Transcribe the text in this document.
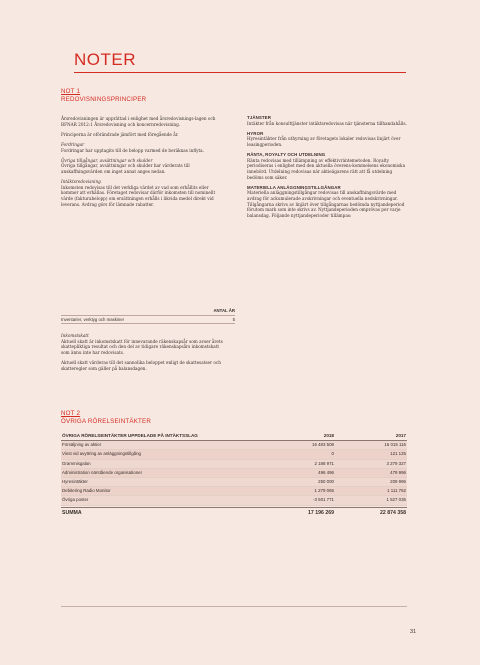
NOTER
NOT 1
REDOVISNINGSPRINCIPER

Årsredovisningen är upprättad i enlighet med årsredovisnings-lagen och BFNAR 2012:1 Årsredovisning och koncernredovisning.

Principerna är oförändrade jämfört med föregående år.

Fordringar

Fordringar har upptagits till de belopp varmed de beräknas inflyta.

Övriga tillgångar, avsättningar och skulder

Övriga tillgångar, avsättningar och skulder har värderats till anskaffningsvärden om inget annat anges nedan.

Intäktsredovisning

Inkomsten redovisas till det verkliga värdet av vad som erhållits eller kommer att erhållas. Företaget redovisar därför inkomsten till nominellt värde (fakturabelopp) om ersättningen erhålls i likvida medel direkt vid leverans. Avdrag görs för lämnade rabatter.

TJÄNSTER

Intäkter från konsulttjänster intäktsredovisas när tjänsterna tillhandahålls.

HYROR

Hyresintäkter från uthyrning av företagets lokaler redovisas linjärt över leasingperioden.

RÄNTA, ROYALTY OCH UTDELNING

Ränta redovisas med tillämpning av effektivräntemetoden. Royalty periodiseras i enlighet med den aktuella överens-kommelsens ekonomiska innebörd. Utdelning redovisas när aktieägarens rätt att få utdelning bedöms som säker.

MATERIELLA ANLÄGGNINGSTILLGÅNGAR

Materiella anläggningstillgångar redovisas till anskaffningsvärde med avdrag för ackumulerade avskrivningar och eventuella nedskrivningar. Tillgångarna skrivs av linjärt över tillgångarnas bedömda nyttjandeperiod förutom mark som inte skrivs av. Nyttjandeperioden omprövas per varje balansdag. Följande nyttjandeperioder tillämpas:

ANTAL ÅR
Inventarier, verktyg och maskiner	5

Inkomstskatt

Aktuell skatt är inkomstskatt för innevarande räkenskapsår som avser årets skattepliktiga resultat och den del av tidigare räkenskapsårs inkomstskatt som ännu inte har redovisats.

Aktuell skatt värderas till det sannolika beloppet enligt de skattesatser och skatteregler som gäller på balansdagen.

NOT 2
ÖVRIGA RÖRELSEINTÄKTER
ÖVRIGA RÖRELSEINTÄKTER UPPDELADE PÅ INTÄKTSSLAG	2018	2017
Försäljning av aktier	16 483 508	16 015 116
Vinst vid avyttring av anläggningstillgång	0	121 125
Grammisgalan	2 188 971	3 279 327
Administration närstående organisationer	496 496	479 996
Hyresintäkter	250 000	209 996
Debitering Radio Monitor	1 279 065	1 111 762
Övriga poster	-3 501 771	1 527 036
SUMMA	17 196 269	22 874 358
31
